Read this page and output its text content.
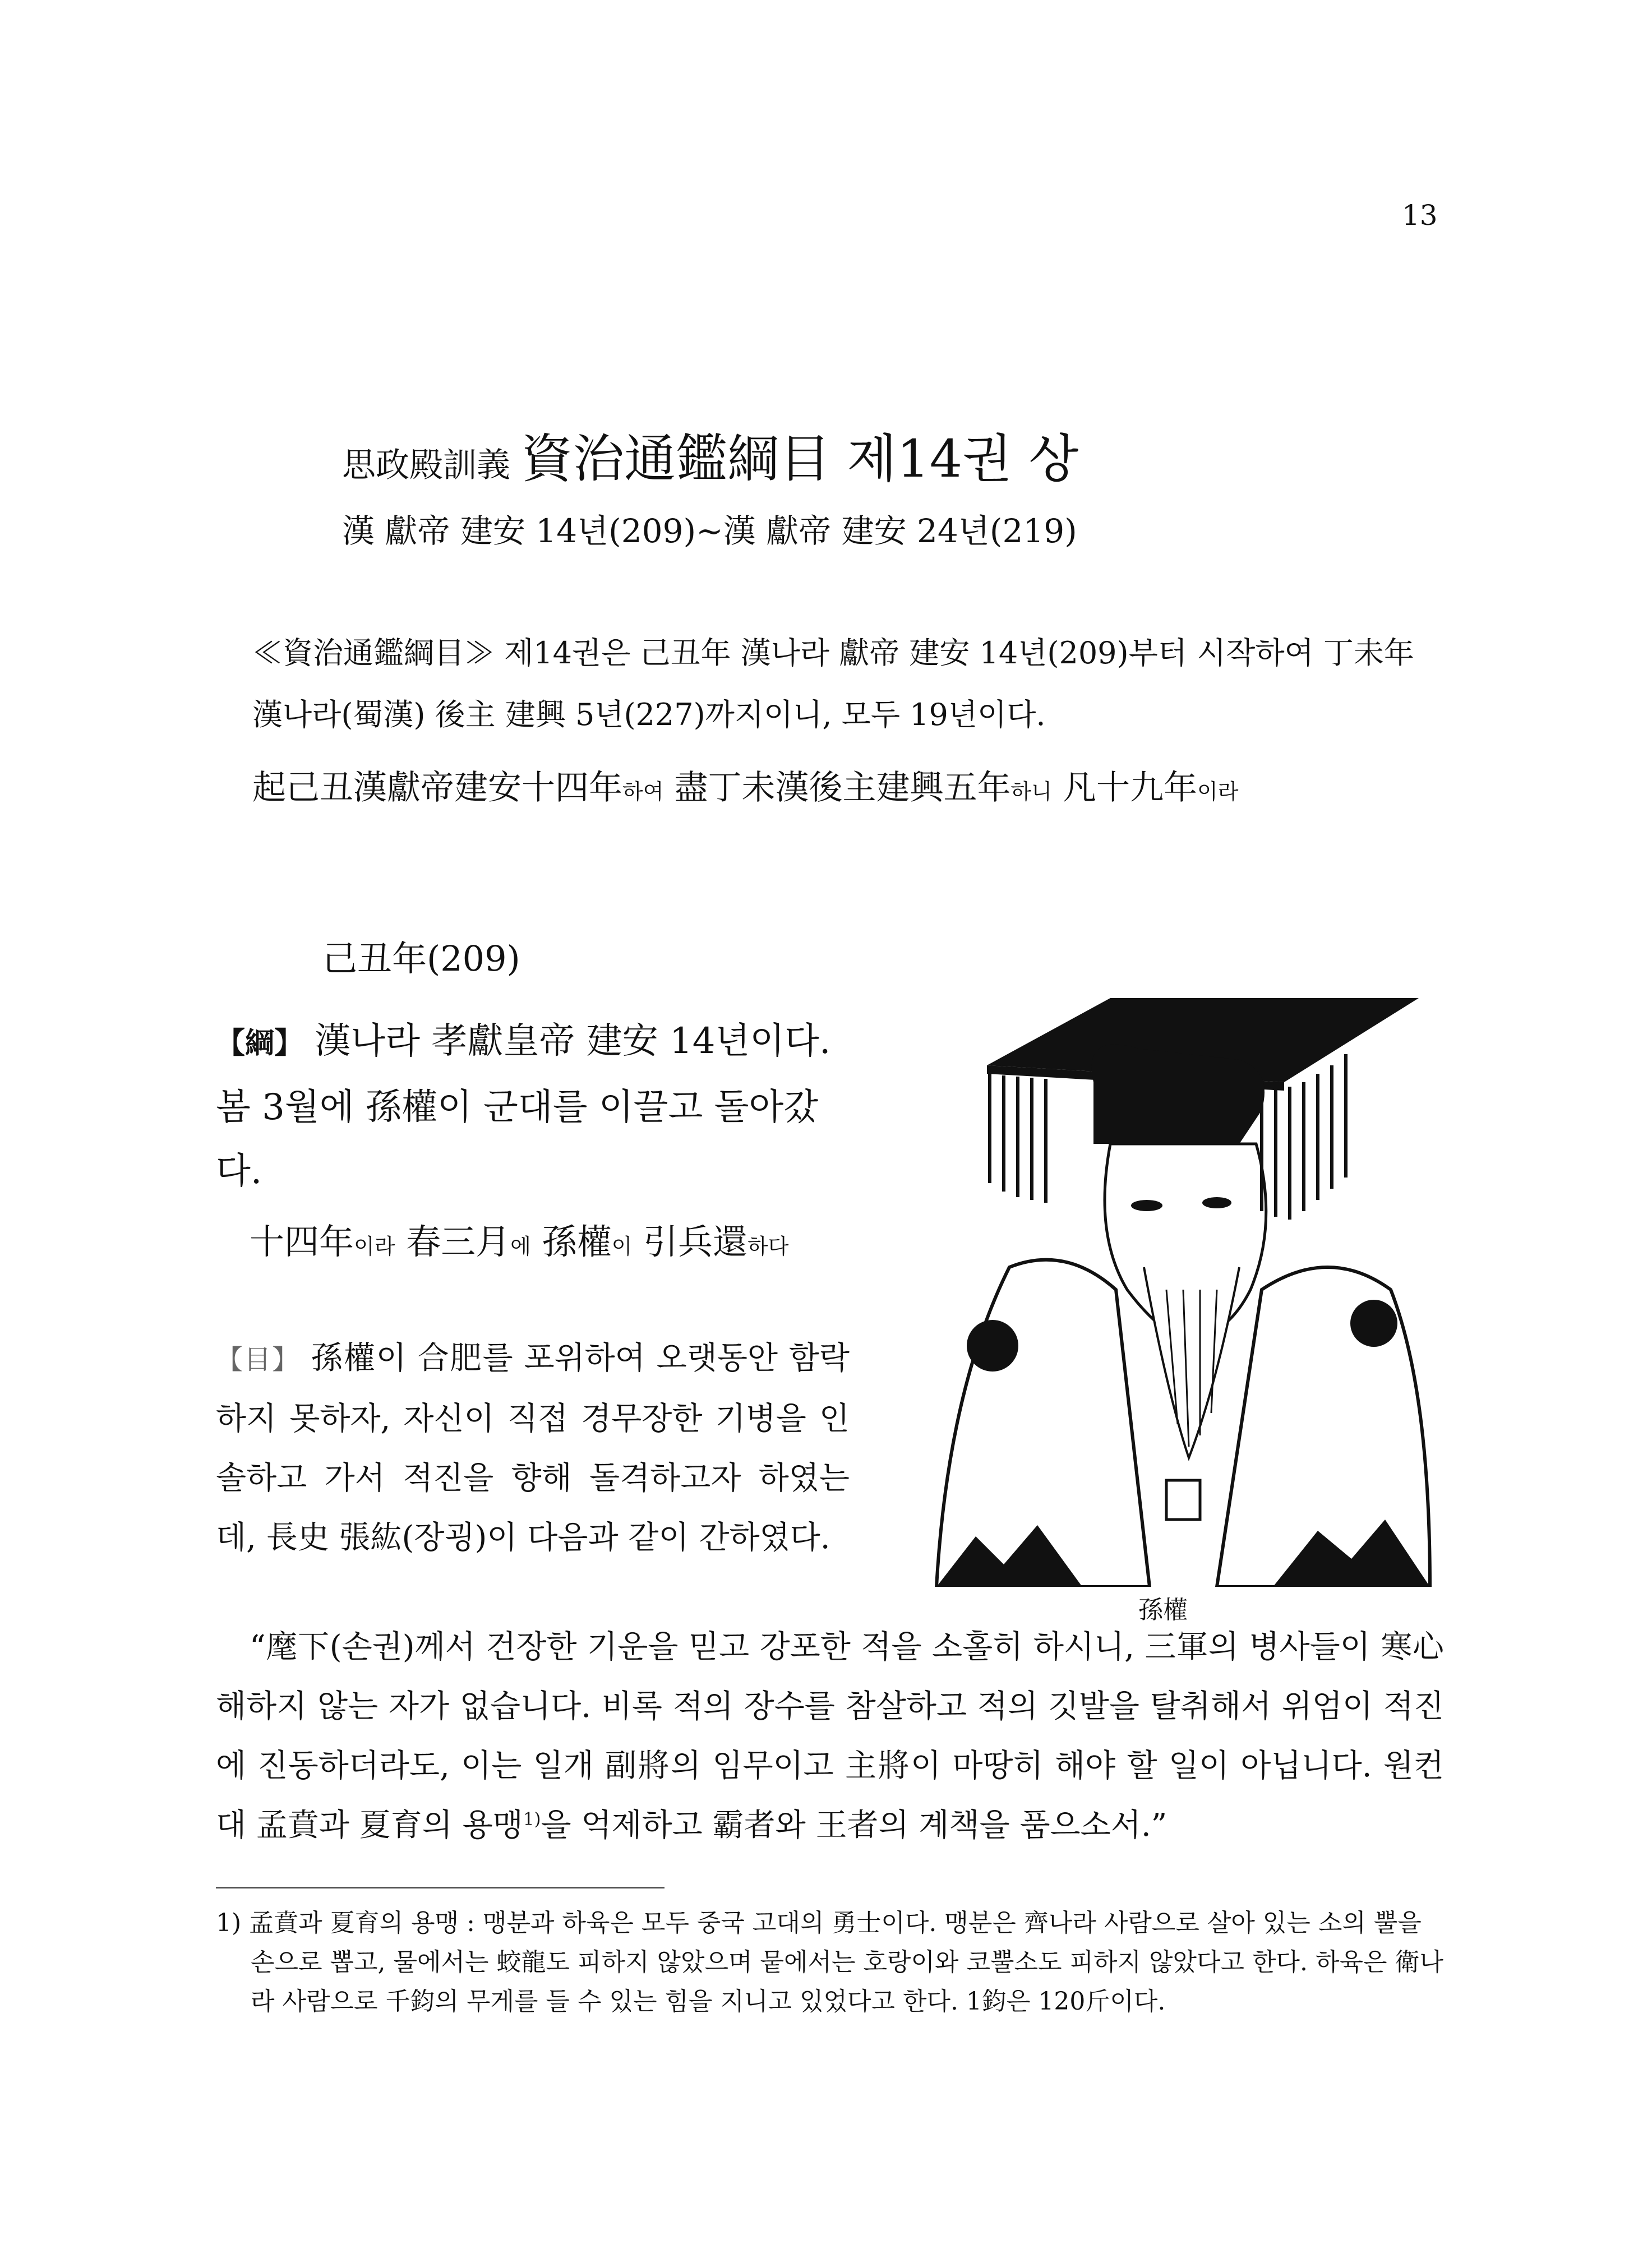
13
思政殿訓義 資治通鑑綱目 제14권 상
漢 獻帝 建安 14년(209)~漢 獻帝 建安 24년(219)
≪資治通鑑綱目≫ 제14권은 己丑年 漢나라 獻帝 建安 14년(209)부터 시작하여 丁未年 漢나라(蜀漢) 後主 建興 5년(227)까지이니, 모두 19년이다.
起己丑漢獻帝建安十四年하여 盡丁未漢後主建興五年하니 凡十九年이라
己丑年(209)
【綱】 漢나라 孝獻皇帝 建安 14년이다. 봄 3월에 孫權이 군대를 이끌고 돌아갔다.
十四年이라 春三月에 孫權이 引兵還하다
【目】 孫權이 合肥를 포위하여 오랫동안 함락하지 못하자, 자신이 직접 경무장한 기병을 인솔하고 가서 적진을 향해 돌격하고자 하였는데, 長史 張紘(장굉)이 다음과 같이 간하였다.
孫權
“麾下(손권)께서 건장한 기운을 믿고 강포한 적을 소홀히 하시니, 三軍의 병사들이 寒心해하지 않는 자가 없습니다. 비록 적의 장수를 참살하고 적의 깃발을 탈취해서 위엄이 적진에 진동하더라도, 이는 일개 副將의 임무이고 主將이 마땅히 해야 할 일이 아닙니다. 원컨대 孟賁과 夏育의 용맹$^{1)}$을 억제하고 霸者와 王者의 계책을 품으소서.”
1) 孟賁과 夏育의 용맹 : 맹분과 하육은 모두 중국 고대의 勇士이다. 맹분은 齊나라 사람으로 살아 있는 소의 뿔을 손으로 뽑고, 물에서는 蛟龍도 피하지 않았으며 뭍에서는 호랑이와 코뿔소도 피하지 않았다고 한다. 하육은 衛나라 사람으로 千鈞의 무게를 들 수 있는 힘을 지니고 있었다고 한다. 1鈞은 120斤이다.
